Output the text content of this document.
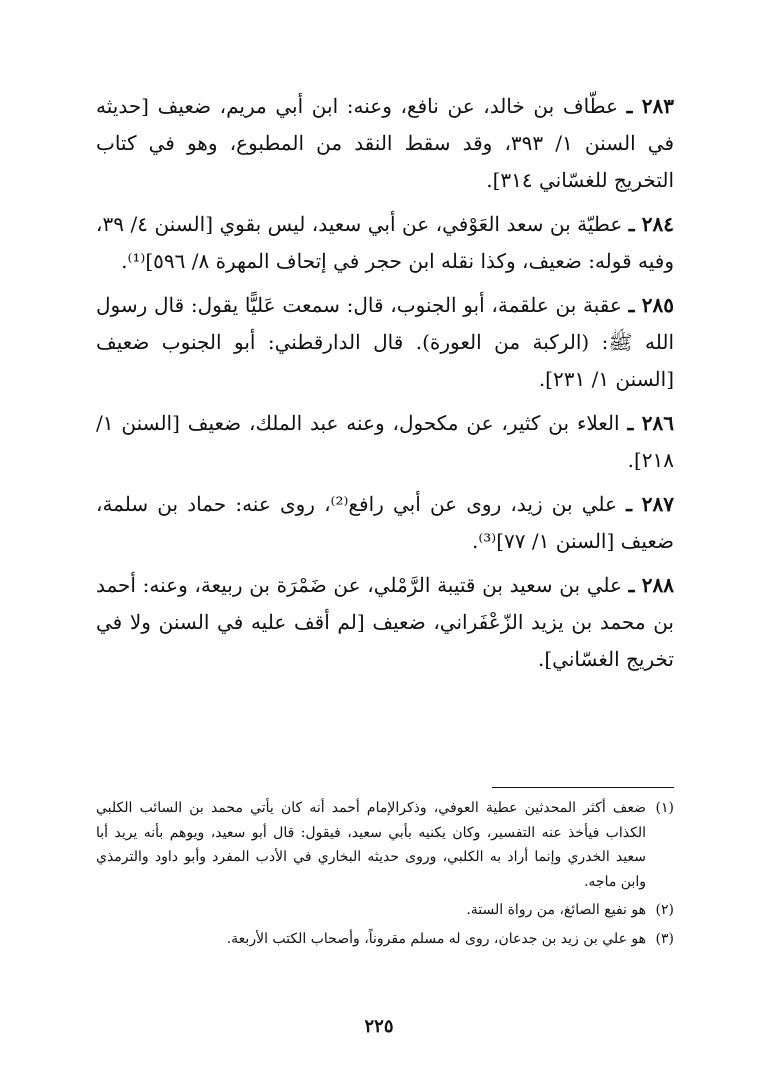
٢٨٣ ـ عطّاف بن خالد، عن نافع، وعنه: ابن أبي مريم، ضعيف [حديثه في السنن ١/ ٣٩٣، وقد سقط النقد من المطبوع، وهو في كتاب التخريج للغسّاني ٣١٤].

٢٨٤ ـ عطيّة بن سعد العَوْفي، عن أبي سعيد، ليس بقوي [السنن ٤/ ٣٩، وفيه قوله: ضعيف، وكذا نقله ابن حجر في إتحاف المهرة ٨/ ٥٩٦]⁽¹⁾.

٢٨٥ ـ عقبة بن علقمة، أبو الجنوب، قال: سمعت عَليًّا يقول: قال رسول الله ﷺ: (الركبة من العورة). قال الدارقطني: أبو الجنوب ضعيف [السنن ١/ ٢٣١].

٢٨٦ ـ العلاء بن كثير، عن مكحول، وعنه عبد الملك، ضعيف [السنن ١/ ٢١٨].

٢٨٧ ـ علي بن زيد، روى عن أبي رافع⁽²⁾، روى عنه: حماد بن سلمة، ضعيف [السنن ١/ ٧٧]⁽³⁾.

٢٨٨ ـ علي بن سعيد بن قتيبة الرَّمْلي، عن ضَمْرَة بن ربيعة، وعنه: أحمد بن محمد بن يزيد الزّعْفَراني، ضعيف [لم أقف عليه في السنن ولا في تخريج الغسّاني].

(١)
ضعف أكثر المحدثين عطية العوفي، وذكرالإمام أحمد أنه كان يأتي محمد بن السائب الكلبي الكذاب فيأخذ عنه التفسير، وكان يكنيه بأبي سعيد، فيقول: قال أبو سعيد، ويوهم بأنه يريد أبا سعيد الخدري وإنما أراد به الكلبي، وروى حديثه البخاري في الأدب المفرد وأبو داود والترمذي وابن ماجه.

(٢)
هو نفيع الصائغ، من رواة الستة.

(٣)
هو علي بن زيد بن جدعان، روى له مسلم مقروناً، وأصحاب الكتب الأربعة.

٢٢٥
